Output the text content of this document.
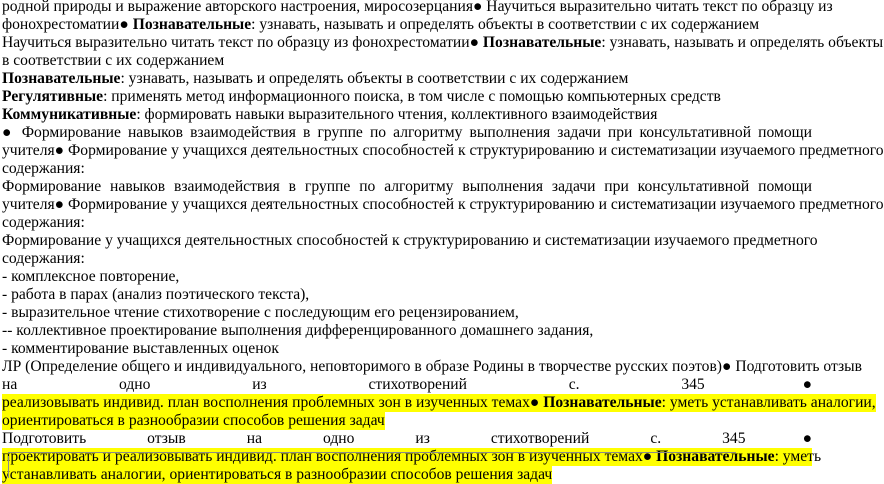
родной природы и выражение авторского настроения, миросозерцания● Научиться выразительно читать текст по образцу из
фонохрестоматии● Познавательные: узнавать, называть и определять объекты в соответствии с их содержанием
Научиться выразительно читать текст по образцу из фонохрестоматии● Познавательные: узнавать, называть и определять объекты
в соответствии с их содержанием
Познавательные: узнавать, называть и определять объекты в соответствии с их содержанием
Регулятивные: применять метод информационного поиска, в том числе с помощью компьютерных средств
Коммуникативные: формировать навыки выразительного чтения, коллективного взаимодействия
● Формирование навыков взаимодействия в группе по алгоритму выполнения задачи при консультативной помощи
учителя● Формирование у учащихся деятельностных способностей к структурированию и систематизации изучаемого предметного
содержания:
Формирование навыков взаимодействия в группе по алгоритму выполнения задачи при консультативной помощи
учителя● Формирование у учащихся деятельностных способностей к структурированию и систематизации изучаемого предметного
содержания:
Формирование у учащихся деятельностных способностей к структурированию и систематизации изучаемого предметного
содержания:
- комплексное повторение,
- работа в парах (анализ поэтического текста),
- выразительное чтение стихотворение с последующим его рецензированием,
-- коллективное проектирование выполнения дифференцированного домашнего задания,
- комментирование выставленных оценок
ЛР (Определение общего и индивидуального, неповторимого в образе Родины в творчестве русских поэтов)● Подготовить отзыв
на одно из стихотворений с. 345●
реализовывать индивид. план восполнения проблемных зон в изученных темах● Познавательные: уметь устанавливать аналогии,
ориентироваться в разнообразии способов решения задач
Подготовить отзыв на одно из стихотворений с. 345●
проектировать и реализовывать индивид. план восполнения проблемных зон в изученных темах● Познавательные: уметь
устанавливать аналогии, ориентироваться в разнообразии способов решения задач
